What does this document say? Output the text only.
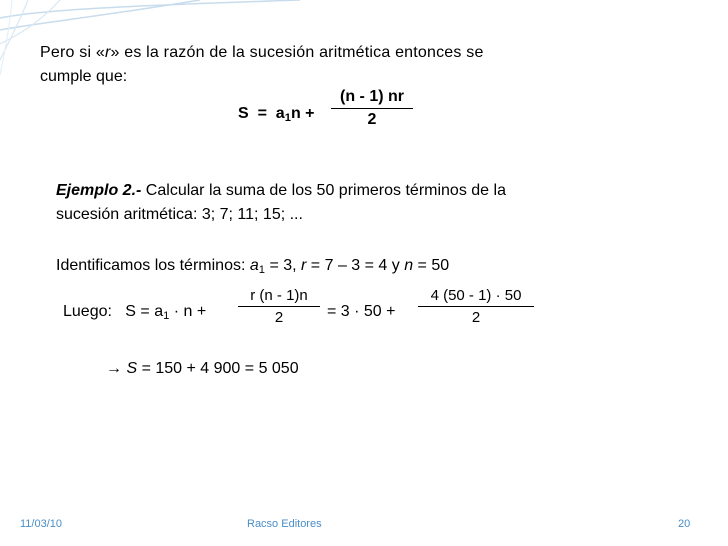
Pero si «r» es la razón de la sucesión aritmética entonces se
cumple que:
$S = a_1n$ +
(n - 1) nr
2
Ejemplo 2.- Calcular la suma de los 50 primeros términos de la
sucesión aritmética: 3; 7; 11; 15; ...
Identificamos los términos: $a_1 = 3$, r = 7 – 3 = 4 y n = 50
Luego: $S = a_1 \cdot n$ +
r (n - 1)n
2	= 3 · 50 +
4 (50 - 1) · 50
2
→ S = 150 + 4 900 = 5 050
11/03/10	Racso Editores	20
